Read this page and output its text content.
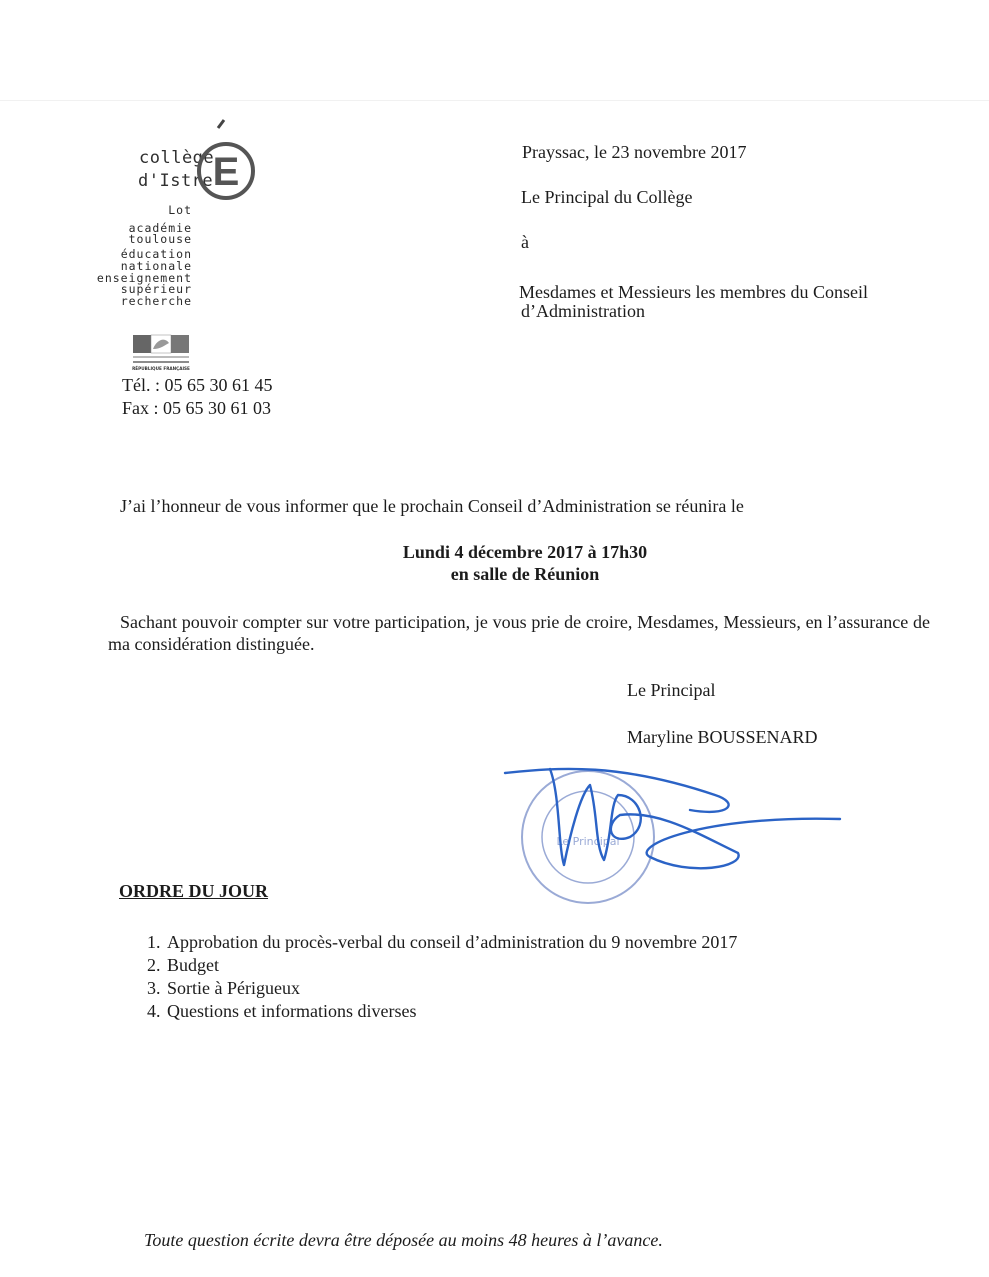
collège
d'Istre E
Lot
académie
toulouse
éducation
nationale
enseignement
supérieur
recherche
RÉPUBLIQUE FRANÇAISE
Tél. : 05 65 30 61 45
Fax : 05 65 30 61 03
Prayssac, le 23 novembre 2017
Le Principal du Collège
à
Mesdames et Messieurs les membres du Conseil
d’Administration
J’ai l’honneur de vous informer que le prochain Conseil d’Administration se réunira le
Lundi 4 décembre 2017 à 17h30
en salle de Réunion
Sachant pouvoir compter sur votre participation, je vous prie de croire, Mesdames, Messieurs, en l’assurance de ma considération distinguée.
Le Principal
Maryline BOUSSENARD
Le Principal
ORDRE DU JOUR
1. Approbation du procès-verbal du conseil d’administration du 9 novembre 2017
2. Budget
3. Sortie à Périgueux
4. Questions et informations diverses
Toute question écrite devra être déposée au moins 48 heures à l’avance.
